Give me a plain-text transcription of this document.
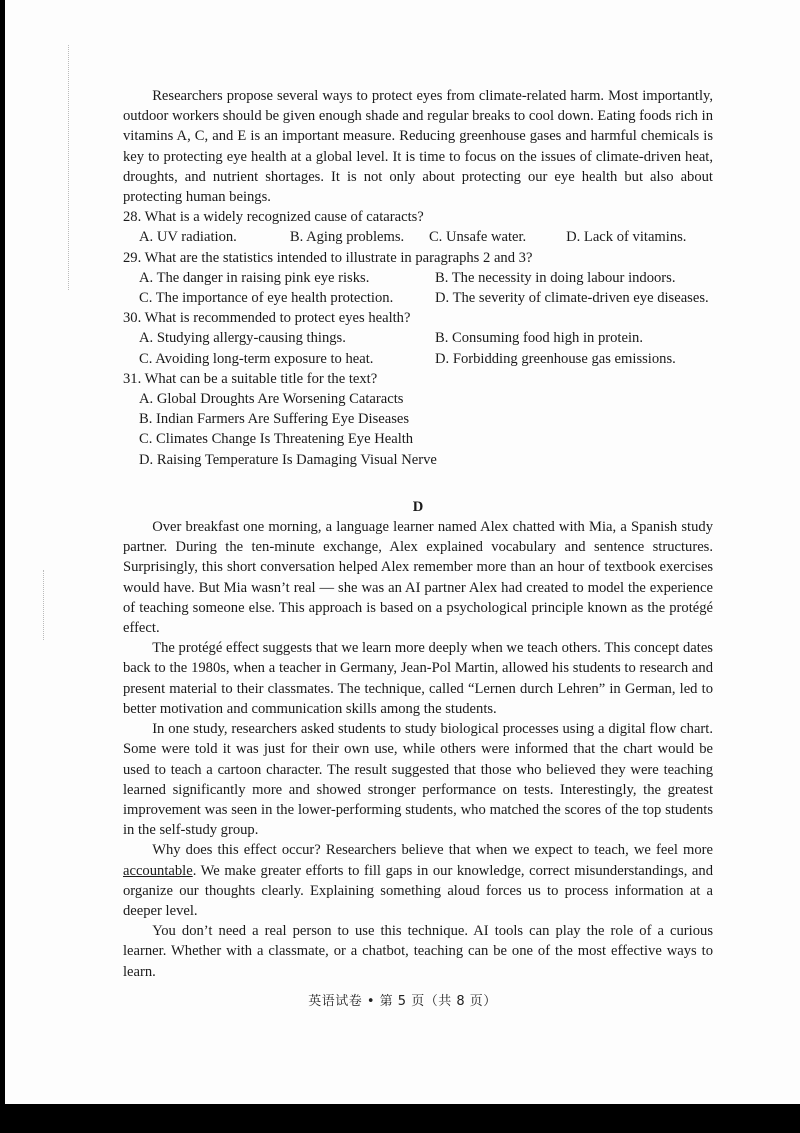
Researchers propose several ways to protect eyes from climate-related harm. Most importantly, outdoor workers should be given enough shade and regular breaks to cool down. Eating foods rich in vitamins A, C, and E is an important measure. Reducing greenhouse gases and harmful chemicals is key to protecting eye health at a global level. It is time to focus on the issues of climate-driven heat, droughts, and nutrient shortages. It is not only about protecting our eye health but also about protecting human beings.

28. What is a widely recognized cause of cataracts?
A. UV radiation.	B. Aging problems.	C. Unsafe water.	D. Lack of vitamins.
29. What are the statistics intended to illustrate in paragraphs 2 and 3?
A. The danger in raising pink eye risks.	B. The necessity in doing labour indoors.
C. The importance of eye health protection.	D. The severity of climate-driven eye diseases.
30. What is recommended to protect eyes health?
A. Studying allergy-causing things.	B. Consuming food high in protein.
C. Avoiding long-term exposure to heat.	D. Forbidding greenhouse gas emissions.
31. What can be a suitable title for the text?
A. Global Droughts Are Worsening Cataracts
B. Indian Farmers Are Suffering Eye Diseases
C. Climates Change Is Threatening Eye Health
D. Raising Temperature Is Damaging Visual Nerve
D

Over breakfast one morning, a language learner named Alex chatted with Mia, a Spanish study partner. During the ten-minute exchange, Alex explained vocabulary and sentence structures. Surprisingly, this short conversation helped Alex remember more than an hour of textbook exercises would have. But Mia wasn’t real — she was an AI partner Alex had created to model the experience of teaching someone else. This approach is based on a psychological principle known as the protégé effect.

The protégé effect suggests that we learn more deeply when we teach others. This concept dates back to the 1980s, when a teacher in Germany, Jean-Pol Martin, allowed his students to research and present material to their classmates. The technique, called “Lernen durch Lehren” in German, led to better motivation and communication skills among the students.

In one study, researchers asked students to study biological processes using a digital flow chart. Some were told it was just for their own use, while others were informed that the chart would be used to teach a cartoon character. The result suggested that those who believed they were teaching learned significantly more and showed stronger performance on tests. Interestingly, the greatest improvement was seen in the lower-performing students, who matched the scores of the top students in the self-study group.

Why does this effect occur? Researchers believe that when we expect to teach, we feel more accountable. We make greater efforts to fill gaps in our knowledge, correct misunderstandings, and organize our thoughts clearly. Explaining something aloud forces us to process information at a deeper level.

You don’t need a real person to use this technique. AI tools can play the role of a curious learner. Whether with a classmate, or a chatbot, teaching can be one of the most effective ways to learn.

英语试卷 • 第 5 页（共 8 页）
